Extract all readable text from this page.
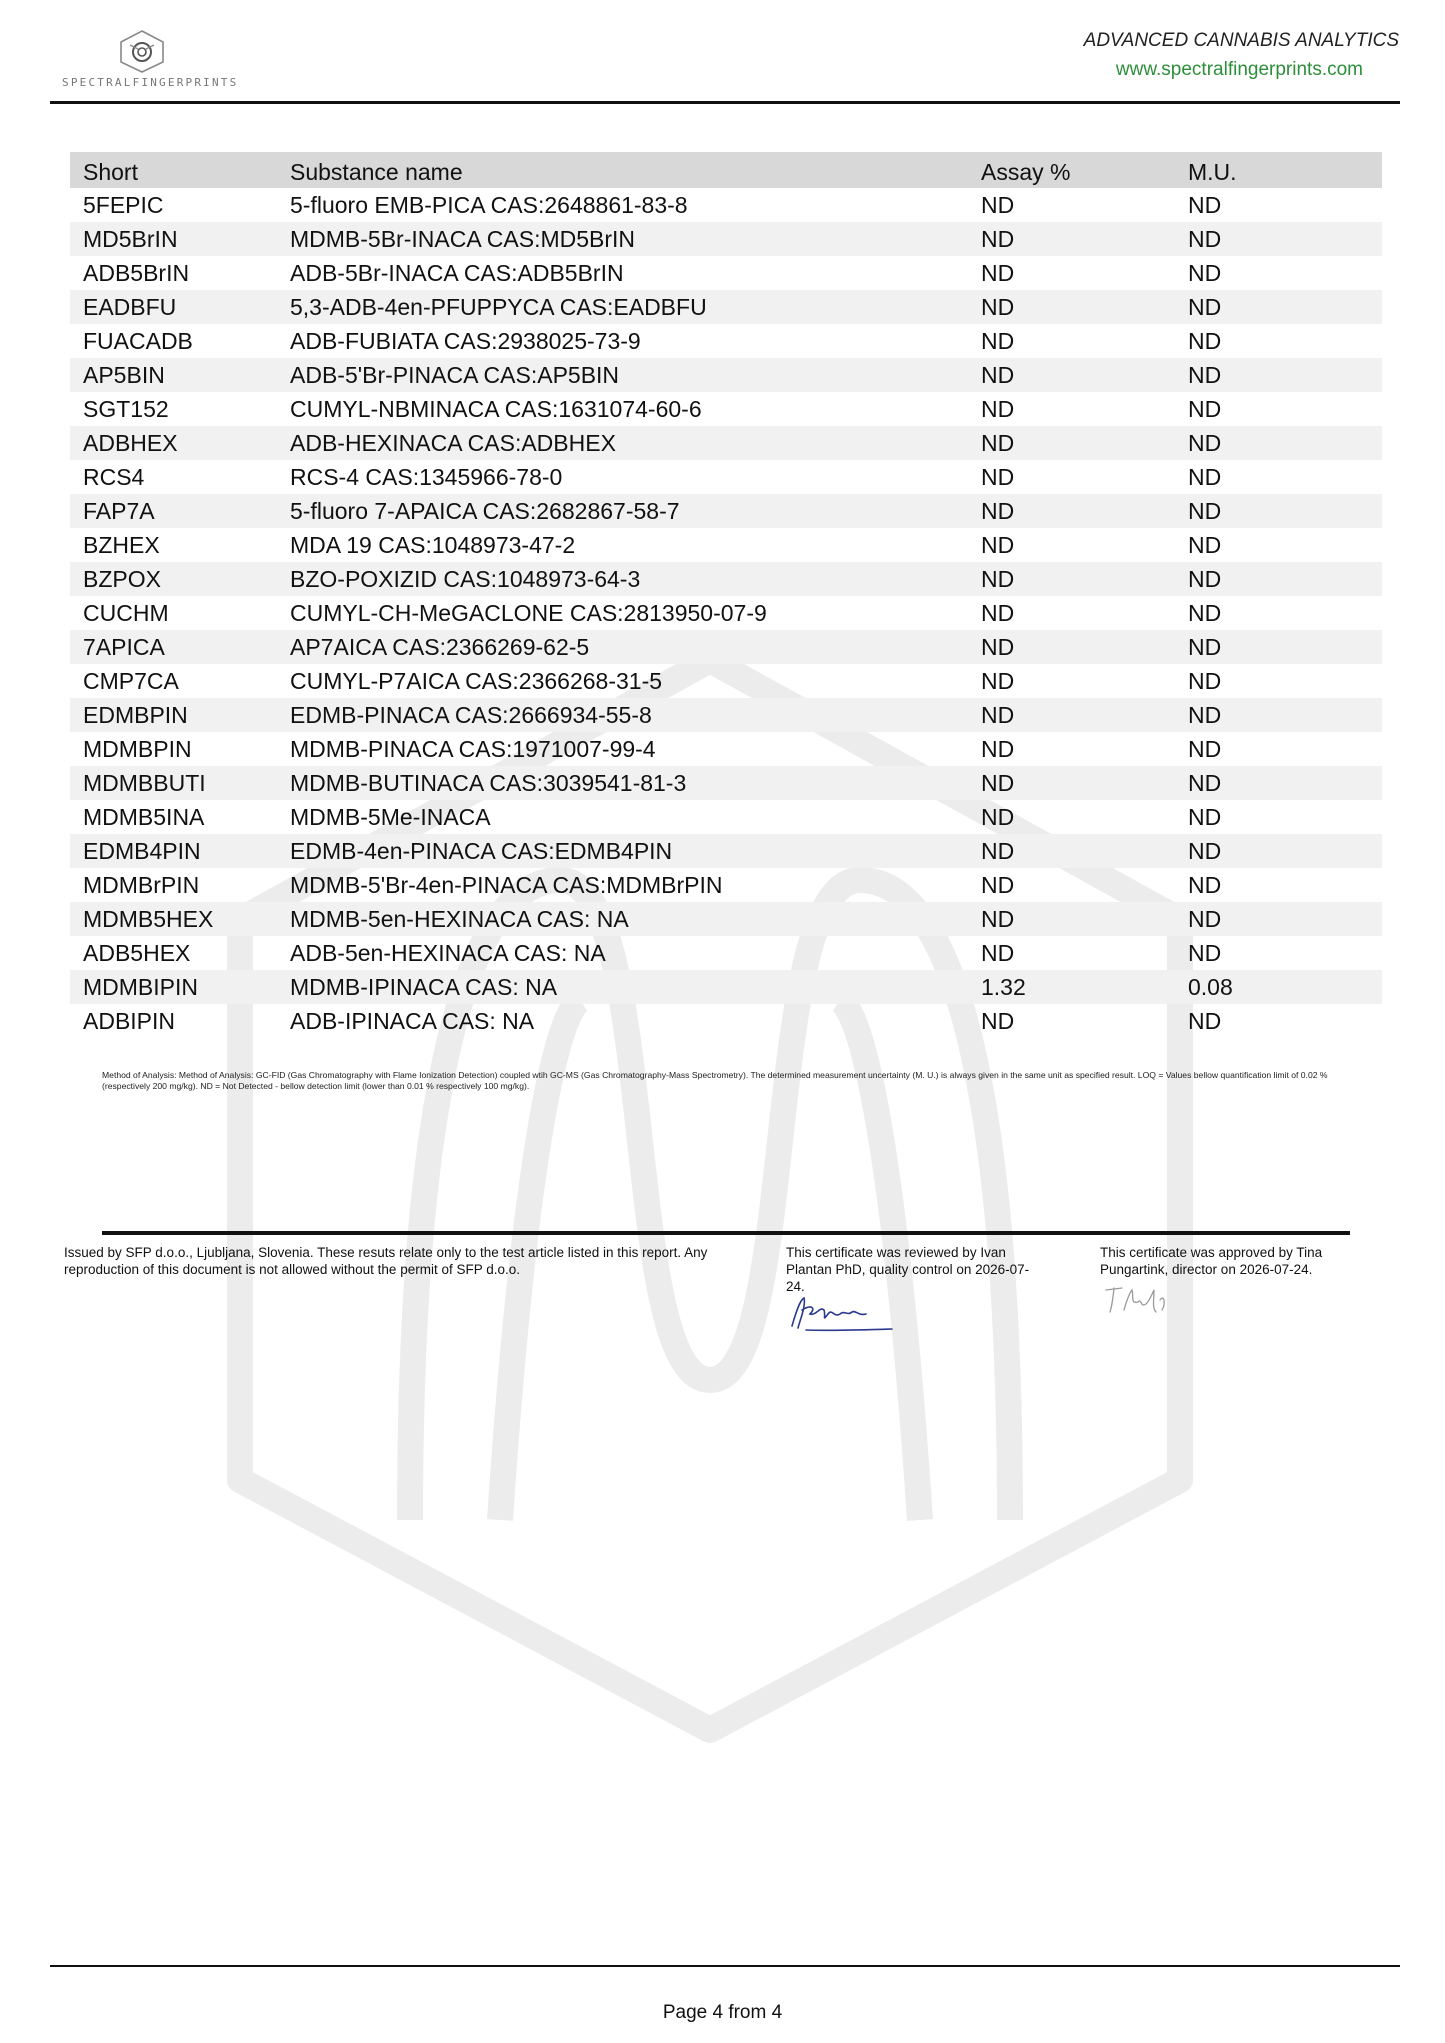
SPECTRALFINGERPRINTS
ADVANCED CANNABIS ANALYTICS
www.spectralfingerprints.com
Short	Substance name	Assay %	M.U.
5FEPIC	5-fluoro EMB-PICA CAS:2648861-83-8	ND	ND
MD5BrIN	MDMB-5Br-INACA CAS:MD5BrIN	ND	ND
ADB5BrIN	ADB-5Br-INACA CAS:ADB5BrIN	ND	ND
EADBFU	5,3-ADB-4en-PFUPPYCA CAS:EADBFU	ND	ND
FUACADB	ADB-FUBIATA CAS:2938025-73-9	ND	ND
AP5BIN	ADB-5'Br-PINACA CAS:AP5BIN	ND	ND
SGT152	CUMYL-NBMINACA CAS:1631074-60-6	ND	ND
ADBHEX	ADB-HEXINACA CAS:ADBHEX	ND	ND
RCS4	RCS-4 CAS:1345966-78-0	ND	ND
FAP7A	5-fluoro 7-APAICA CAS:2682867-58-7	ND	ND
BZHEX	MDA 19 CAS:1048973-47-2	ND	ND
BZPOX	BZO-POXIZID CAS:1048973-64-3	ND	ND
CUCHM	CUMYL-CH-MeGACLONE CAS:2813950-07-9	ND	ND
7APICA	AP7AICA CAS:2366269-62-5	ND	ND
CMP7CA	CUMYL-P7AICA CAS:2366268-31-5	ND	ND
EDMBPIN	EDMB-PINACA CAS:2666934-55-8	ND	ND
MDMBPIN	MDMB-PINACA CAS:1971007-99-4	ND	ND
MDMBBUTI	MDMB-BUTINACA CAS:3039541-81-3	ND	ND
MDMB5INA	MDMB-5Me-INACA	ND	ND
EDMB4PIN	EDMB-4en-PINACA CAS:EDMB4PIN	ND	ND
MDMBrPIN	MDMB-5'Br-4en-PINACA CAS:MDMBrPIN	ND	ND
MDMB5HEX	MDMB-5en-HEXINACA CAS: NA	ND	ND
ADB5HEX	ADB-5en-HEXINACA CAS: NA	ND	ND
MDMBIPIN	MDMB-IPINACA CAS: NA	1.32	0.08
ADBIPIN	ADB-IPINACA CAS: NA	ND	ND
Method of Analysis: Method of Analysis: GC-FID (Gas Chromatography with Flame Ionization Detection) coupled wtih GC-MS (Gas Chromatography-Mass Spectrometry). The determined measurement uncertainty (M. U.) is always given in the same unit as specified result. LOQ = Values bellow quantification limit of 0.02 % (respectively 200 mg/kg). ND = Not Detected - bellow detection limit (lower than 0.01 % respectively 100 mg/kg).
Issued by SFP d.o.o., Ljubljana, Slovenia. These resuts relate only to the test article listed in this report. Any reproduction of this document is not allowed without the permit of SFP d.o.o.
This certificate was reviewed by Ivan Plantan PhD, quality control on 2026-07-24.
This certificate was approved by Tina Pungartink, director on 2026-07-24.
Page 4 from 4
